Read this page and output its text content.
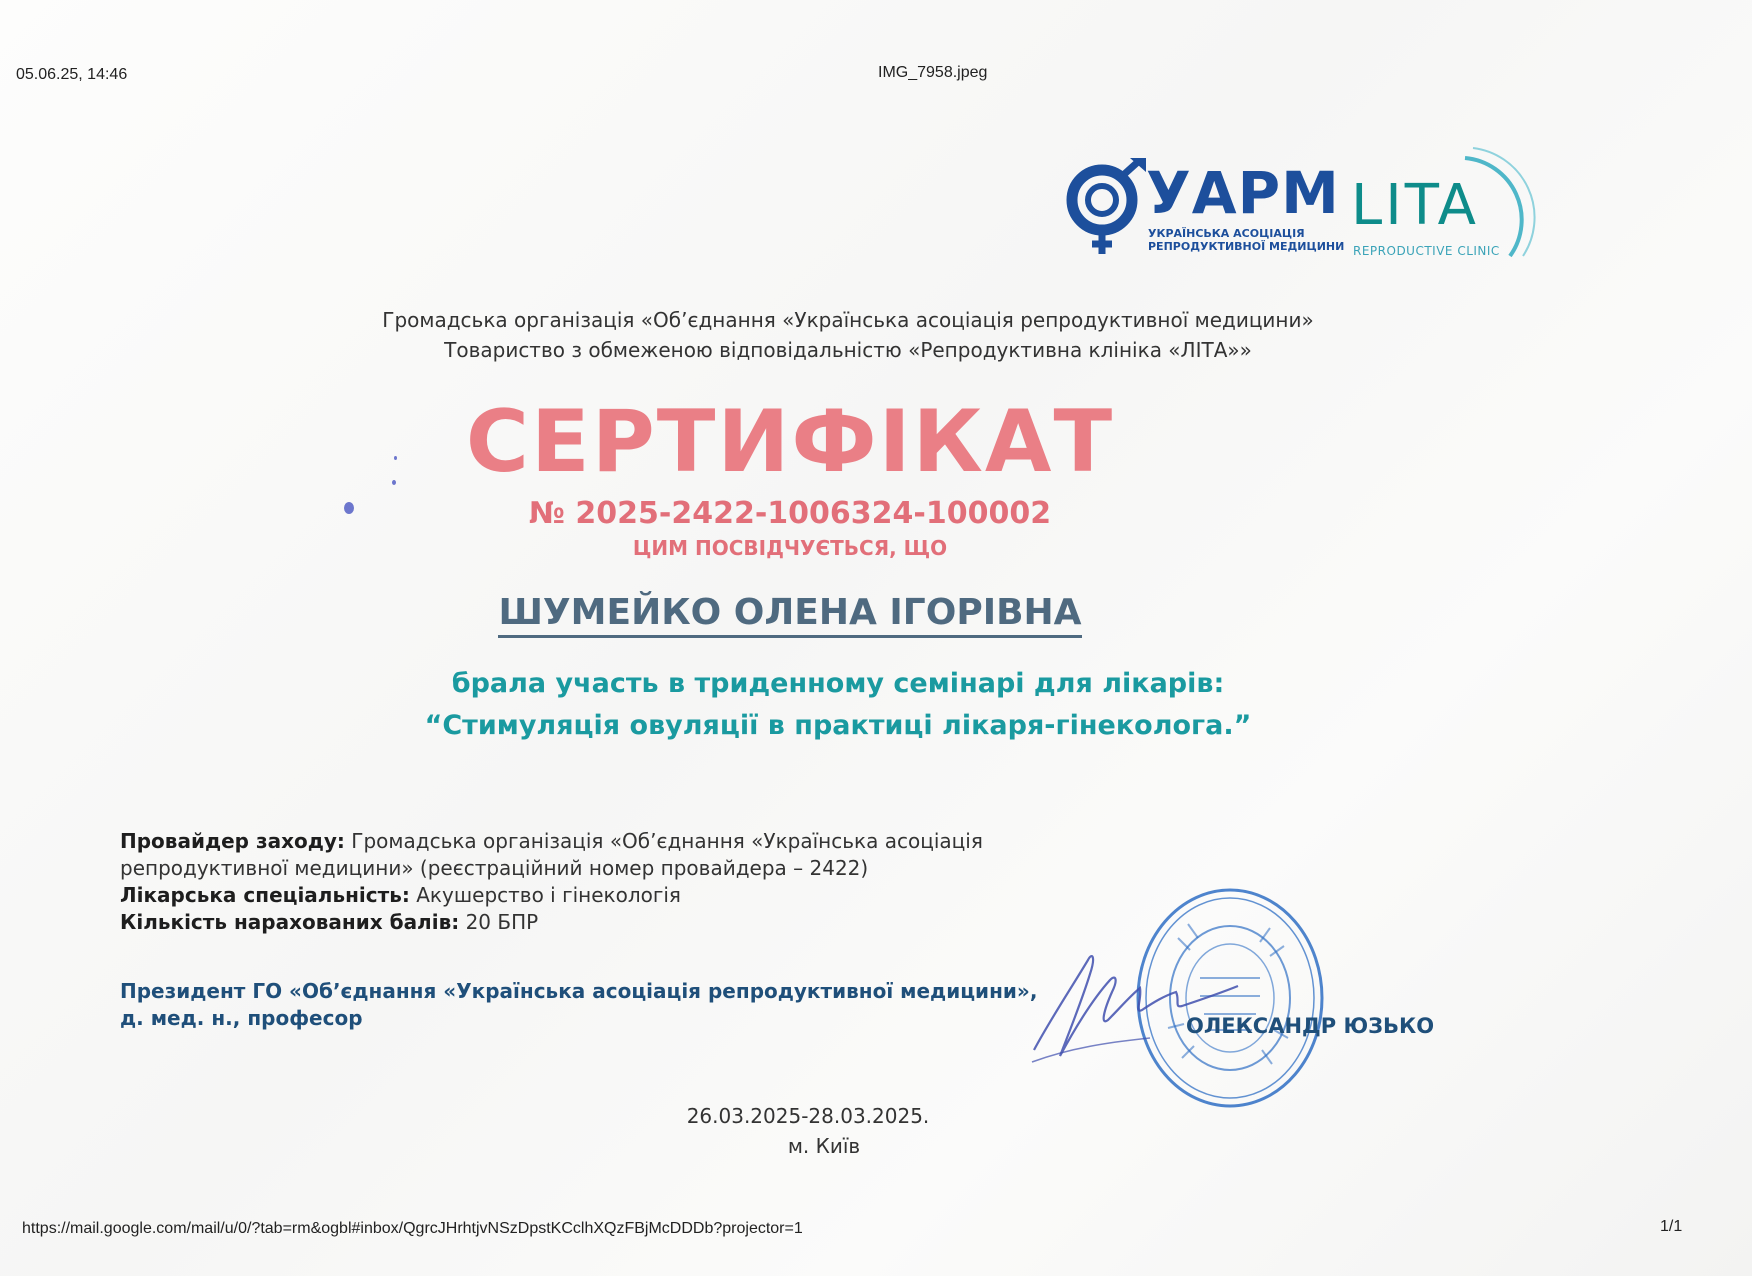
05.06.25, 14:46	IMG_7958.jpeg
УАРМ
УКРАЇНСЬКА АСОЦІАЦІЯ
РЕПРОДУКТИВНОЇ МЕДИЦИНИ
LITA
REPRODUCTIVE CLINIC
Громадська організація «Об’єднання «Українська асоціація репродуктивної медицини»
Товариство з обмеженою відповідальністю «Репродуктивна клініка «ЛІТА»»
СЕРТИФІКАТ
№ 2025-2422-1006324-100002
ЦИМ ПОСВІДЧУЄТЬСЯ, ЩО
ШУМЕЙКО ОЛЕНА ІГОРІВНА
брала участь в триденному семінарі для лікарів:
“Стимуляція овуляції в практиці лікаря-гінеколога.”
Провайдер заходу: Громадська організація «Об’єднання «Українська асоціація
репродуктивної медицини» (реєстраційний номер провайдера – 2422)
Лікарська спеціальність: Акушерство і гінекологія
Кількість нарахованих балів: 20 БПР
Президент ГО «Об’єднання «Українська асоціація репродуктивної медицини»,
д. мед. н., професор	ОЛЕКСАНДР ЮЗЬКО
26.03.2025-28.03.2025.
м. Київ
https://mail.google.com/mail/u/0/?tab=rm&ogbl#inbox/QgrcJHrhtjvNSzDpstKCclhXQzFBjMcDDDb?projector=1	1/1
